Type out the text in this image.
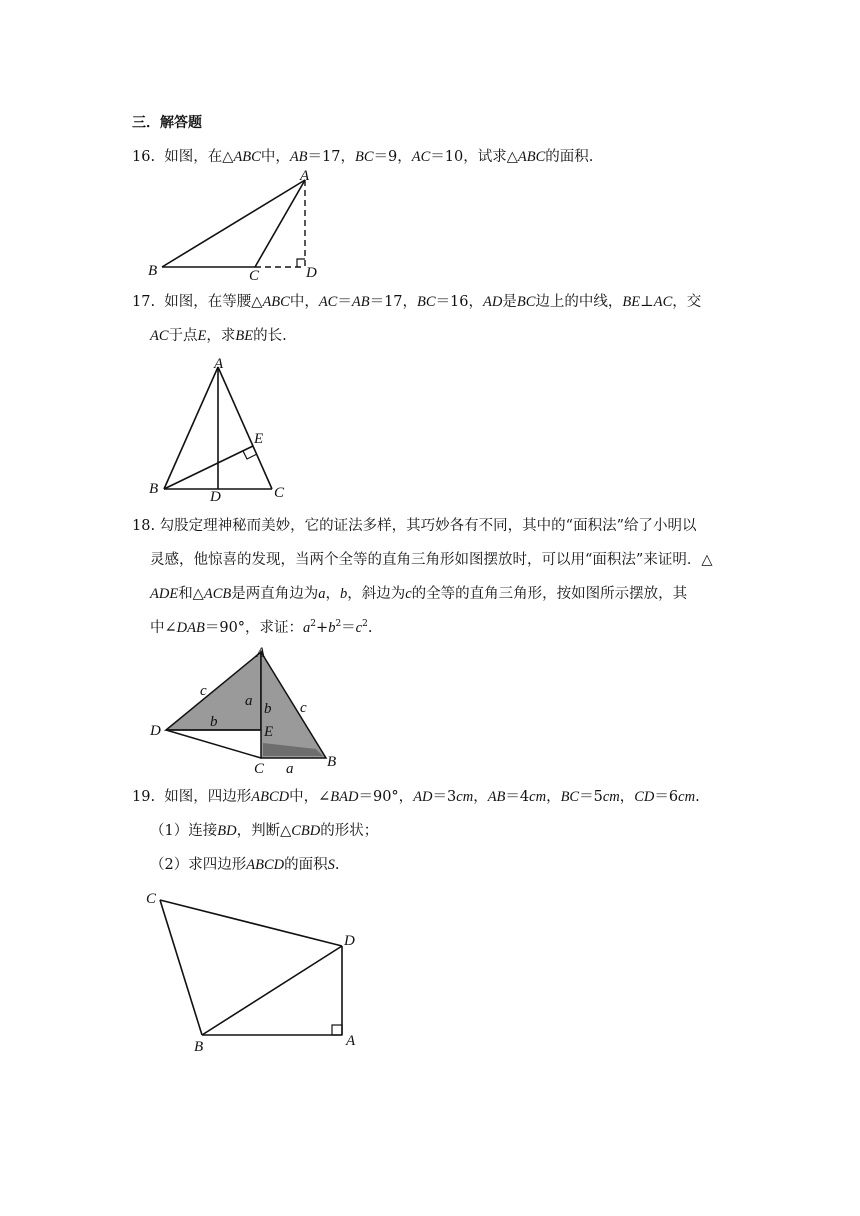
三．解答题
16. 如图，在△ABC中，AB＝17，BC＝9，AC＝10，试求△ABC的面积.
A
B	C	D
17. 如图，在等腰△ABC中，AC＝AB＝17，BC＝16，AD是BC边上的中线，BE⊥AC，交
AC于点E，求BE的长.
A
B	C
D
E
18. 勾股定理神秘而美妙，它的证法多样，其巧妙各有不同，其中的“面积法”给了小明以
灵感，他惊喜的发现，当两个全等的直角三角形如图摆放时，可以用“面积法”来证明．△
ADE和△ACB是两直角边为a，b，斜边为c的全等的直角三角形，按如图所示摆放，其
中∠DAB＝90°，求证：$a^2+b^2=c^2$.
A
D	E
C	B
c
a
b
b c
a
19. 如图，四边形ABCD中，∠BAD＝90°，AD＝3cm，AB＝4cm，BC＝5cm，CD＝6cm.
（1）连接BD，判断△CBD的形状；
（2）求四边形ABCD的面积S.
C
D
B	A
